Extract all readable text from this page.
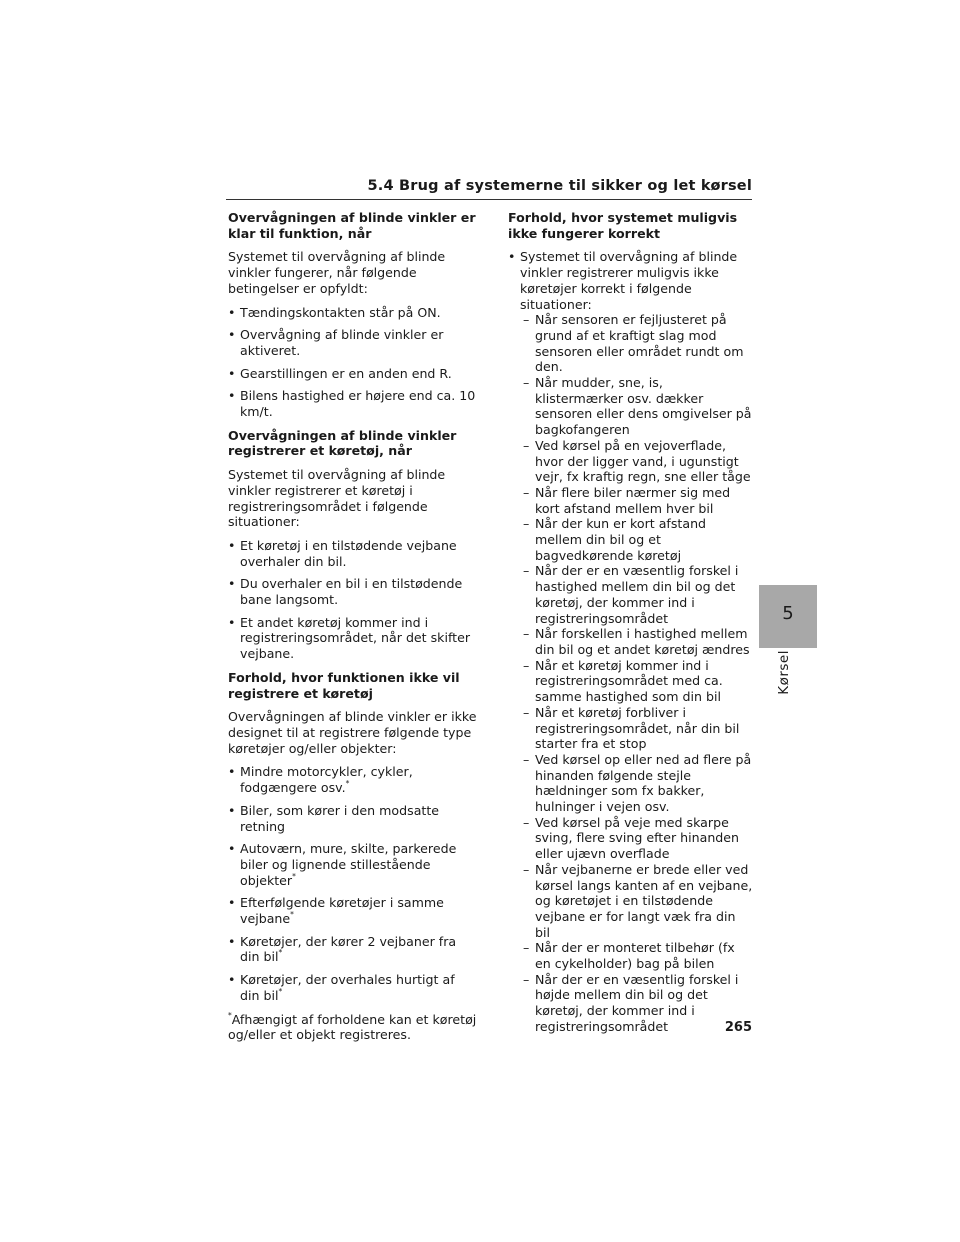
5.4 Brug af systemerne til sikker og let kørsel
Overvågningen af blinde vinkler er klar til funktion, når
Systemet til overvågning af blinde vinkler fungerer, når følgende betingelser er opfyldt:
• Tændingskontakten står på ON.
• Overvågning af blinde vinkler er aktiveret.
• Gearstillingen er en anden end R.
• Bilens hastighed er højere end ca. 10 km/t.
Overvågningen af blinde vinkler registrerer et køretøj, når
Systemet til overvågning af blinde vinkler registrerer et køretøj i registreringsområdet i følgende situationer:
• Et køretøj i en tilstødende vejbane overhaler din bil.
• Du overhaler en bil i en tilstødende bane langsomt.
• Et andet køretøj kommer ind i registreringsområdet, når det skifter vejbane.
Forhold, hvor funktionen ikke vil registrere et køretøj
Overvågningen af blinde vinkler er ikke designet til at registrere følgende type køretøjer og/eller objekter:
• Mindre motorcykler, cykler, fodgængere osv.*
• Biler, som kører i den modsatte retning
• Autoværn, mure, skilte, parkerede biler og lignende stillestående objekter*
• Efterfølgende køretøjer i samme vejbane*
• Køretøjer, der kører 2 vejbaner fra din bil*
• Køretøjer, der overhales hurtigt af din bil*
*Afhængigt af forholdene kan et køretøj og/eller et objekt registreres.
Forhold, hvor systemet muligvis ikke fungerer korrekt
• Systemet til overvågning af blinde vinkler registrerer muligvis ikke køretøjer korrekt i følgende situationer:
– Når sensoren er fejljusteret på grund af et kraftigt slag mod sensoren eller området rundt om den.
– Når mudder, sne, is, klistermærker osv. dækker sensoren eller dens omgivelser på bagkofangeren
– Ved kørsel på en vejoverflade, hvor der ligger vand, i ugunstigt vejr, fx kraftig regn, sne eller tåge
– Når flere biler nærmer sig med kort afstand mellem hver bil
– Når der kun er kort afstand mellem din bil og et bagvedkørende køretøj
– Når der er en væsentlig forskel i hastighed mellem din bil og det køretøj, der kommer ind i registreringsområdet
– Når forskellen i hastighed mellem din bil og et andet køretøj ændres
– Når et køretøj kommer ind i registreringsområdet med ca. samme hastighed som din bil
– Når et køretøj forbliver i registreringsområdet, når din bil starter fra et stop
– Ved kørsel op eller ned ad flere på hinanden følgende stejle hældninger som fx bakker, hulninger i vejen osv.
– Ved kørsel på veje med skarpe sving, flere sving efter hinanden eller ujævn overflade
– Når vejbanerne er brede eller ved kørsel langs kanten af en vejbane, og køretøjet i en tilstødende vejbane er for langt væk fra din bil
– Når der er monteret tilbehør (fx en cykelholder) bag på bilen
– Når der er en væsentlig forskel i højde mellem din bil og det køretøj, der kommer ind i registreringsområdet
5
Kørsel
265
